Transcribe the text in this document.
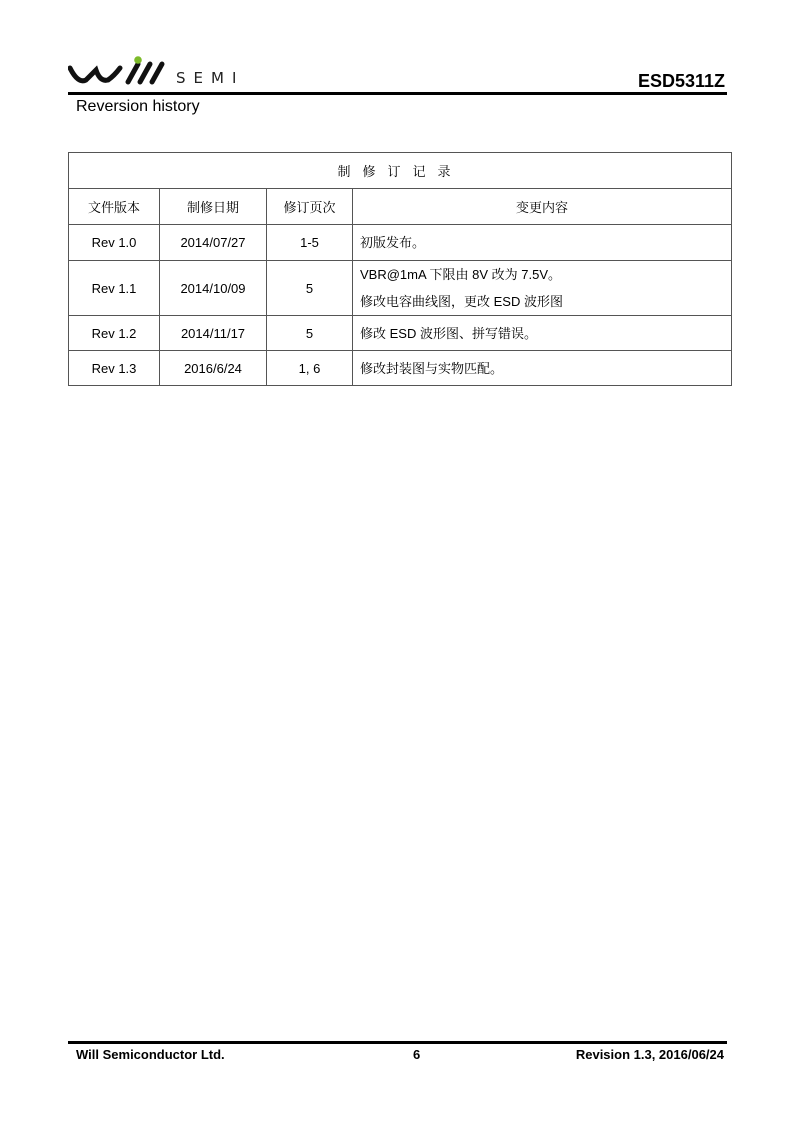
SEMI	ESD5311Z
Reversion history
制修订记录			
文件版本	制修日期	修订页次	变更内容
Rev 1.0	2014/07/27	1-5	初版发布。

Rev 1.1	2014/10/09	5	VBR@1mA 下限由 8V 改为 7.5V。
修改电容曲线图，更改 ESD 波形图

Rev 1.2	2014/11/17	5	修改 ESD 波形图、拼写错误。

Rev 1.3	2016/6/24	1, 6	修改封装图与实物匹配。
Will Semiconductor Ltd.	6	Revision 1.3, 2016/06/24
